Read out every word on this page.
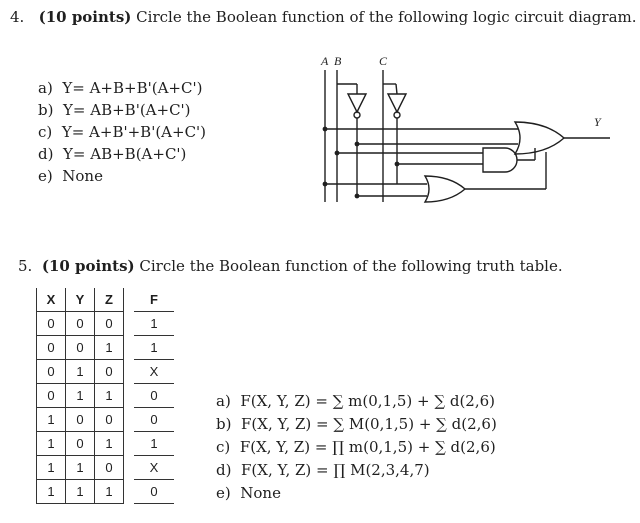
4. (10 points) Circle the Boolean function of the following logic circuit diagram.
a) Y= A+B+B'(A+C')
b) Y= AB+B'(A+C')
c) Y= A+B'+B'(A+C')
d) Y= AB+B(A+C')
e) None
A B	C
Y
5. (10 points) Circle the Boolean function of the following truth table.
X	Y	Z		F
0	0	0		1
0	0	1		1
0	1	0		X
0	1	1		0
1	0	0		0
1	0	1		1
1	1	0		X
1	1	1		0
a) F(X, Y, Z) = ∑ m(0,1,5) + ∑ d(2,6)
b) F(X, Y, Z) = ∑ M(0,1,5) + ∑ d(2,6)
c) F(X, Y, Z) = ∏ m(0,1,5) + ∑ d(2,6)
d) F(X, Y, Z) = ∏ M(2,3,4,7)
e) None
